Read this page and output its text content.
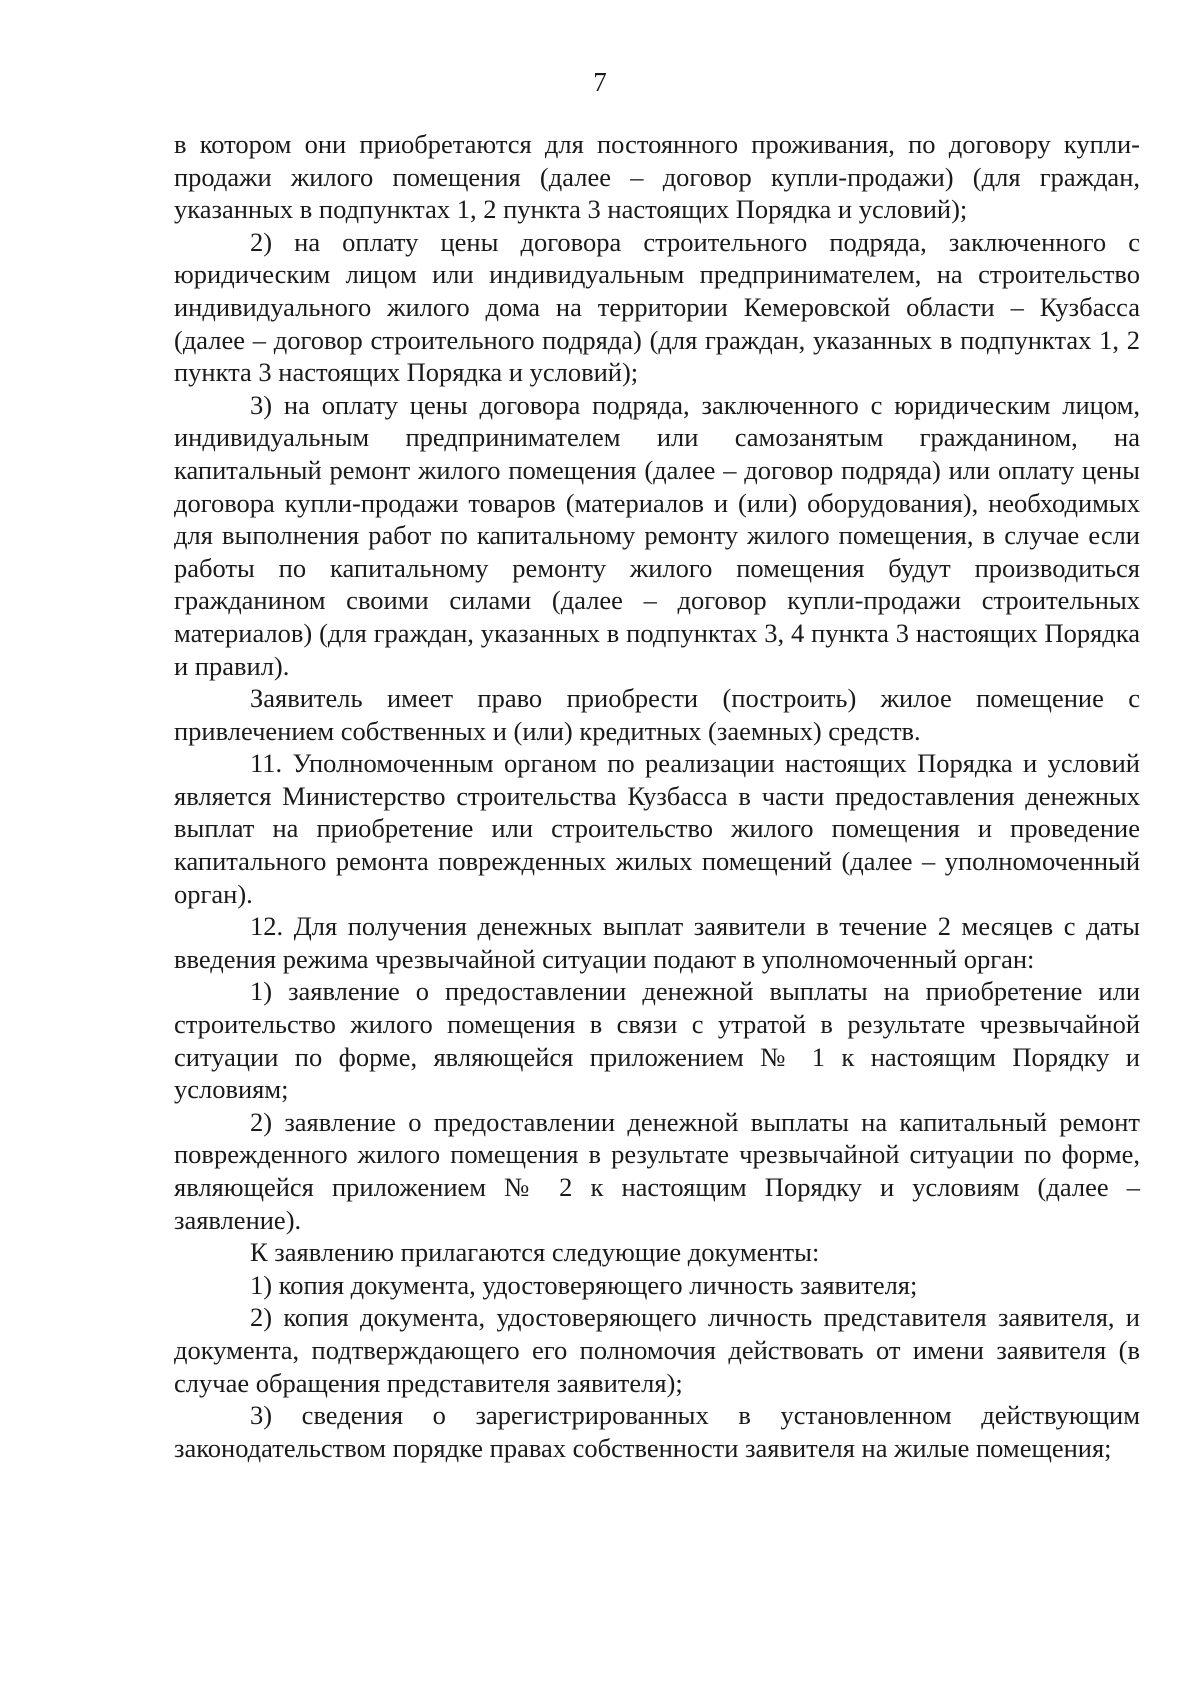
7

в котором они приобретаются для постоянного проживания, по договору купли-продажи жилого помещения (далее – договор купли-продажи) (для граждан, указанных в подпунктах 1, 2 пункта 3 настоящих Порядка и условий);

2) на оплату цены договора строительного подряда, заключенного с юридическим лицом или индивидуальным предпринимателем, на строительство индивидуального жилого дома на территории Кемеровской области – Кузбасса (далее – договор строительного подряда) (для граждан, указанных в подпунктах 1, 2 пункта 3 настоящих Порядка и условий);

3) на оплату цены договора подряда, заключенного с юридическим лицом, индивидуальным предпринимателем или самозанятым гражданином, на капитальный ремонт жилого помещения (далее – договор подряда) или оплату цены договора купли-продажи товаров (материалов и (или) оборудования), необходимых для выполнения работ по капитальному ремонту жилого помещения, в случае если работы по капитальному ремонту жилого помещения будут производиться гражданином своими силами (далее – договор купли-продажи строительных материалов) (для граждан, указанных в подпунктах 3, 4 пункта 3 настоящих Порядка и правил).

Заявитель имеет право приобрести (построить) жилое помещение с привлечением собственных и (или) кредитных (заемных) средств.

11. Уполномоченным органом по реализации настоящих Порядка и условий является Министерство строительства Кузбасса в части предоставления денежных выплат на приобретение или строительство жилого помещения и проведение капитального ремонта поврежденных жилых помещений (далее – уполномоченный орган).

12. Для получения денежных выплат заявители в течение 2 месяцев с даты введения режима чрезвычайной ситуации подают в уполномоченный орган:

1) заявление о предоставлении денежной выплаты на приобретение или строительство жилого помещения в связи с утратой в результате чрезвычайной ситуации по форме, являющейся приложением № 1 к настоящим Порядку и условиям;

2) заявление о предоставлении денежной выплаты на капитальный ремонт поврежденного жилого помещения в результате чрезвычайной ситуации по форме, являющейся приложением № 2 к настоящим Порядку и условиям (далее – заявление).

К заявлению прилагаются следующие документы:

1) копия документа, удостоверяющего личность заявителя;

2) копия документа, удостоверяющего личность представителя заявителя, и документа, подтверждающего его полномочия действовать от имени заявителя (в случае обращения представителя заявителя);

3) сведения о зарегистрированных в установленном действующим законодательством порядке правах собственности заявителя на жилые помещения;
